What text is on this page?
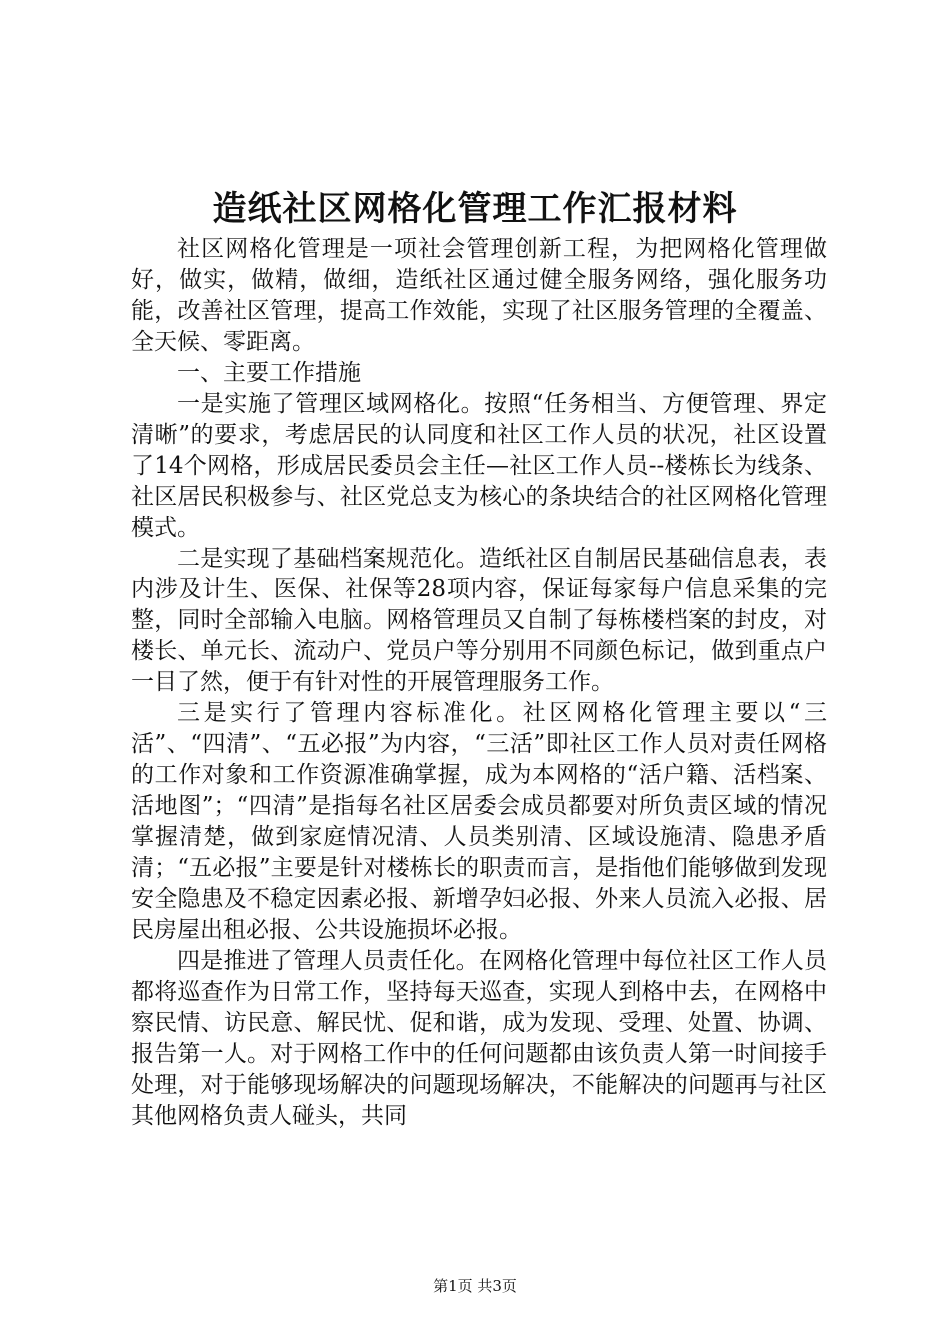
造纸社区网格化管理工作汇报材料

社区网格化管理是一项社会管理创新工程，为把网格化管理做好，做实，做精，做细，造纸社区通过健全服务网络，强化服务功能，改善社区管理，提高工作效能，实现了社区服务管理的全覆盖、全天候、零距离。

一、主要工作措施

一是实施了管理区域网格化。按照“任务相当、方便管理、界定清晰”的要求，考虑居民的认同度和社区工作人员的状况，社区设置了14个网格，形成居民委员会主任—社区工作人员--楼栋长为线条、社区居民积极参与、社区党总支为核心的条块结合的社区网格化管理模式。

二是实现了基础档案规范化。造纸社区自制居民基础信息表，表内涉及计生、医保、社保等28项内容，保证每家每户信息采集的完整，同时全部输入电脑。网格管理员又自制了每栋楼档案的封皮，对楼长、单元长、流动户、党员户等分别用不同颜色标记，做到重点户一目了然，便于有针对性的开展管理服务工作。

三是实行了管理内容标准化。社区网格化管理主要以“三活”、“四清”、“五必报”为内容，“三活”即社区工作人员对责任网格的工作对象和工作资源准确掌握，成为本网格的“活户籍、活档案、活地图”；“四清”是指每名社区居委会成员都要对所负责区域的情况掌握清楚，做到家庭情况清、人员类别清、区域设施清、隐患矛盾清；“五必报”主要是针对楼栋长的职责而言，是指他们能够做到发现安全隐患及不稳定因素必报、新增孕妇必报、外来人员流入必报、居民房屋出租必报、公共设施损坏必报。

四是推进了管理人员责任化。在网格化管理中每位社区工作人员都将巡查作为日常工作，坚持每天巡查，实现人到格中去，在网格中察民情、访民意、解民忧、促和谐，成为发现、受理、处置、协调、报告第一人。对于网格工作中的任何问题都由该负责人第一时间接手处理，对于能够现场解决的问题现场解决，不能解决的问题再与社区其他网格负责人碰头，共同

第1页 共3页
